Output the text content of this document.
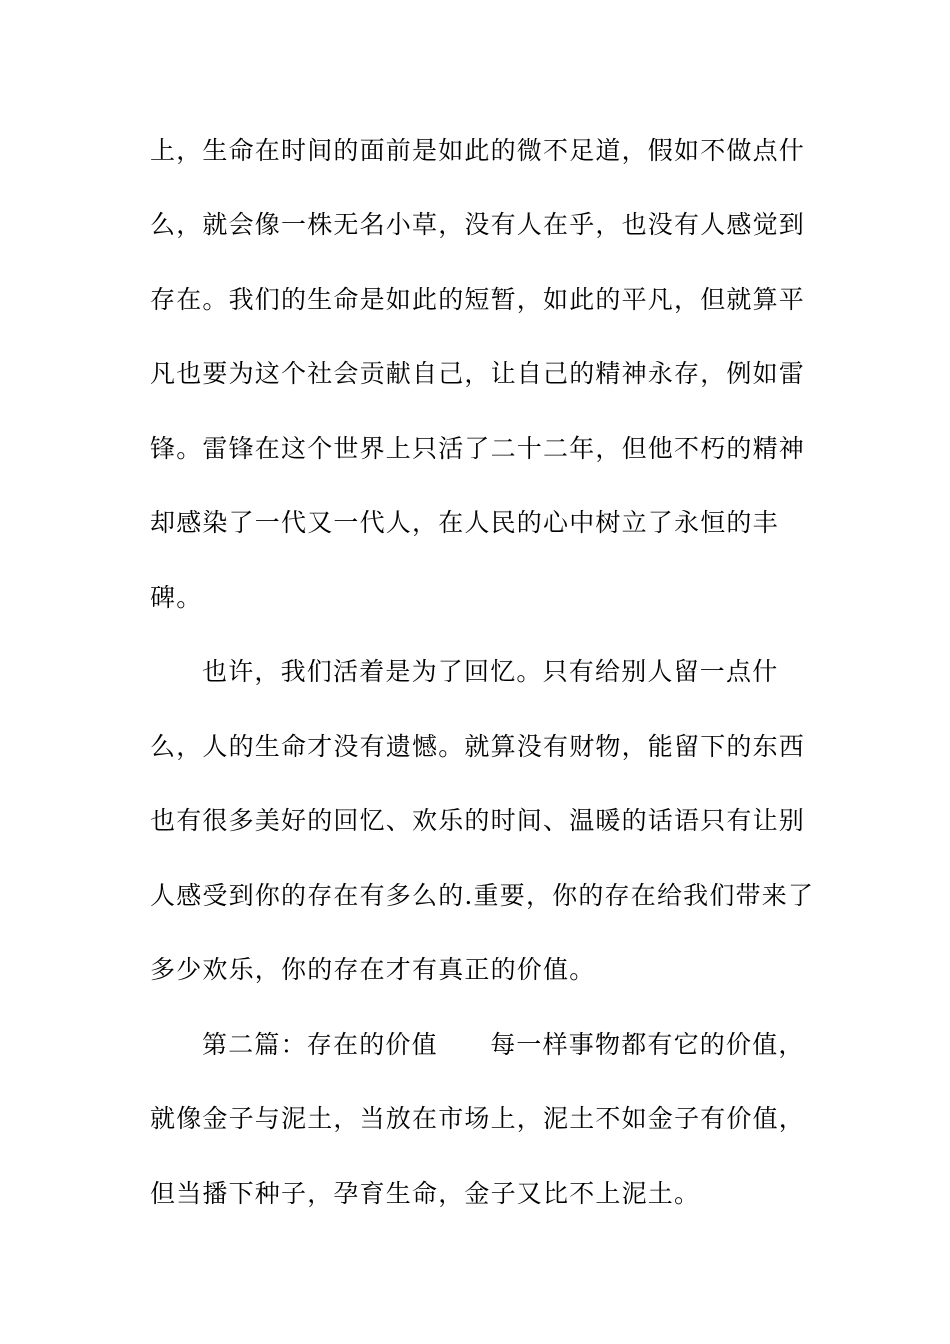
上，生命在时间的面前是如此的微不足道，假如不做点什
么，就会像一株无名小草，没有人在乎，也没有人感觉到
存在。我们的生命是如此的短暂，如此的平凡，但就算平
凡也要为这个社会贡献自己，让自己的精神永存，例如雷
锋。雷锋在这个世界上只活了二十二年，但他不朽的精神
却感染了一代又一代人，在人民的心中树立了永恒的丰
碑。
也许，我们活着是为了回忆。只有给别人留一点什
么，人的生命才没有遗憾。就算没有财物，能留下的东西
也有很多美好的回忆、欢乐的时间、温暖的话语只有让别
人感受到你的存在有多么的.重要，你的存在给我们带来了
多少欢乐，你的存在才有真正的价值。
第二篇：存在的价值　　每一样事物都有它的价值，
就像金子与泥土，当放在市场上，泥土不如金子有价值，
但当播下种子，孕育生命，金子又比不上泥土。
